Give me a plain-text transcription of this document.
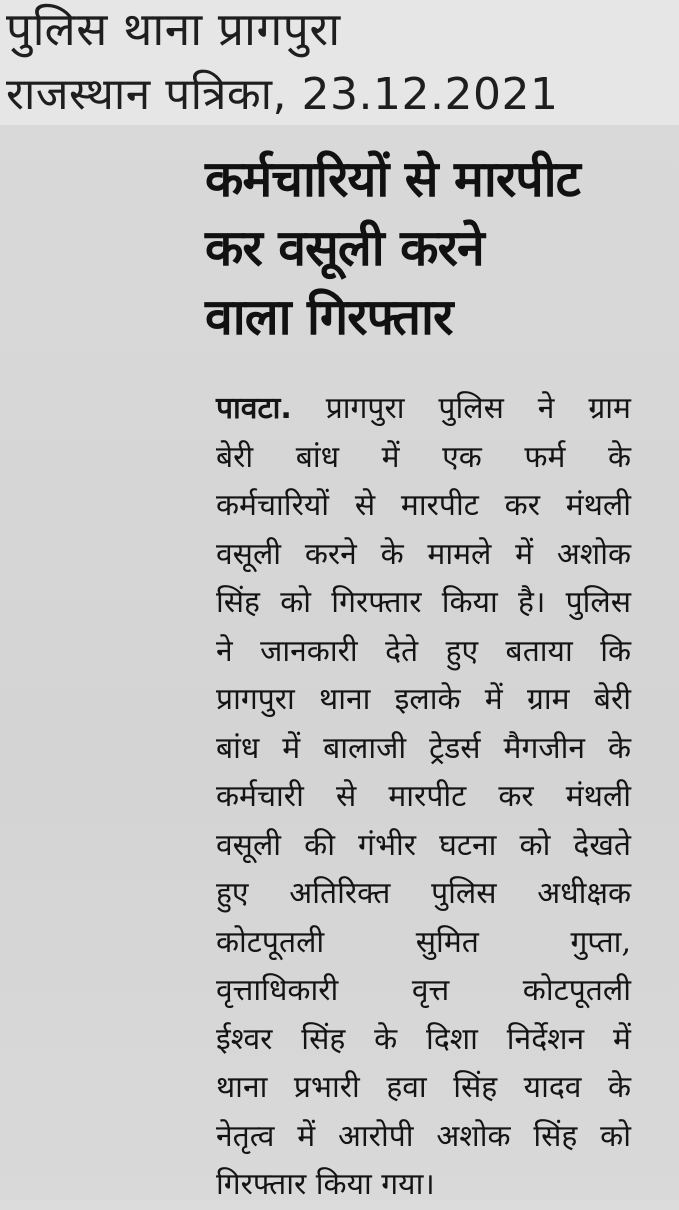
पुलिस थाना प्रागपुरा
राजस्थान पत्रिका, 23.12.2021
कर्मचारियों से मारपीट
कर वसूली करने
वाला गिरफ्तार
पावटा. प्रागपुरा पुलिस ने ग्राम
बेरी बांध में एक फर्म के
कर्मचारियों से मारपीट कर मंथली
वसूली करने के मामले में अशोक
सिंह को गिरफ्तार किया है। पुलिस
ने जानकारी देते हुए बताया कि
प्रागपुरा थाना इलाके में ग्राम बेरी
बांध में बालाजी ट्रेडर्स मैगजीन के
कर्मचारी से मारपीट कर मंथली
वसूली की गंभीर घटना को देखते
हुए अतिरिक्त पुलिस अधीक्षक
कोटपूतली सुमित गुप्ता,
वृत्ताधिकारी वृत्त कोटपूतली
ईश्वर सिंह के दिशा निर्देशन में
थाना प्रभारी हवा सिंह यादव के
नेतृत्व में आरोपी अशोक सिंह को
गिरफ्तार किया गया।
